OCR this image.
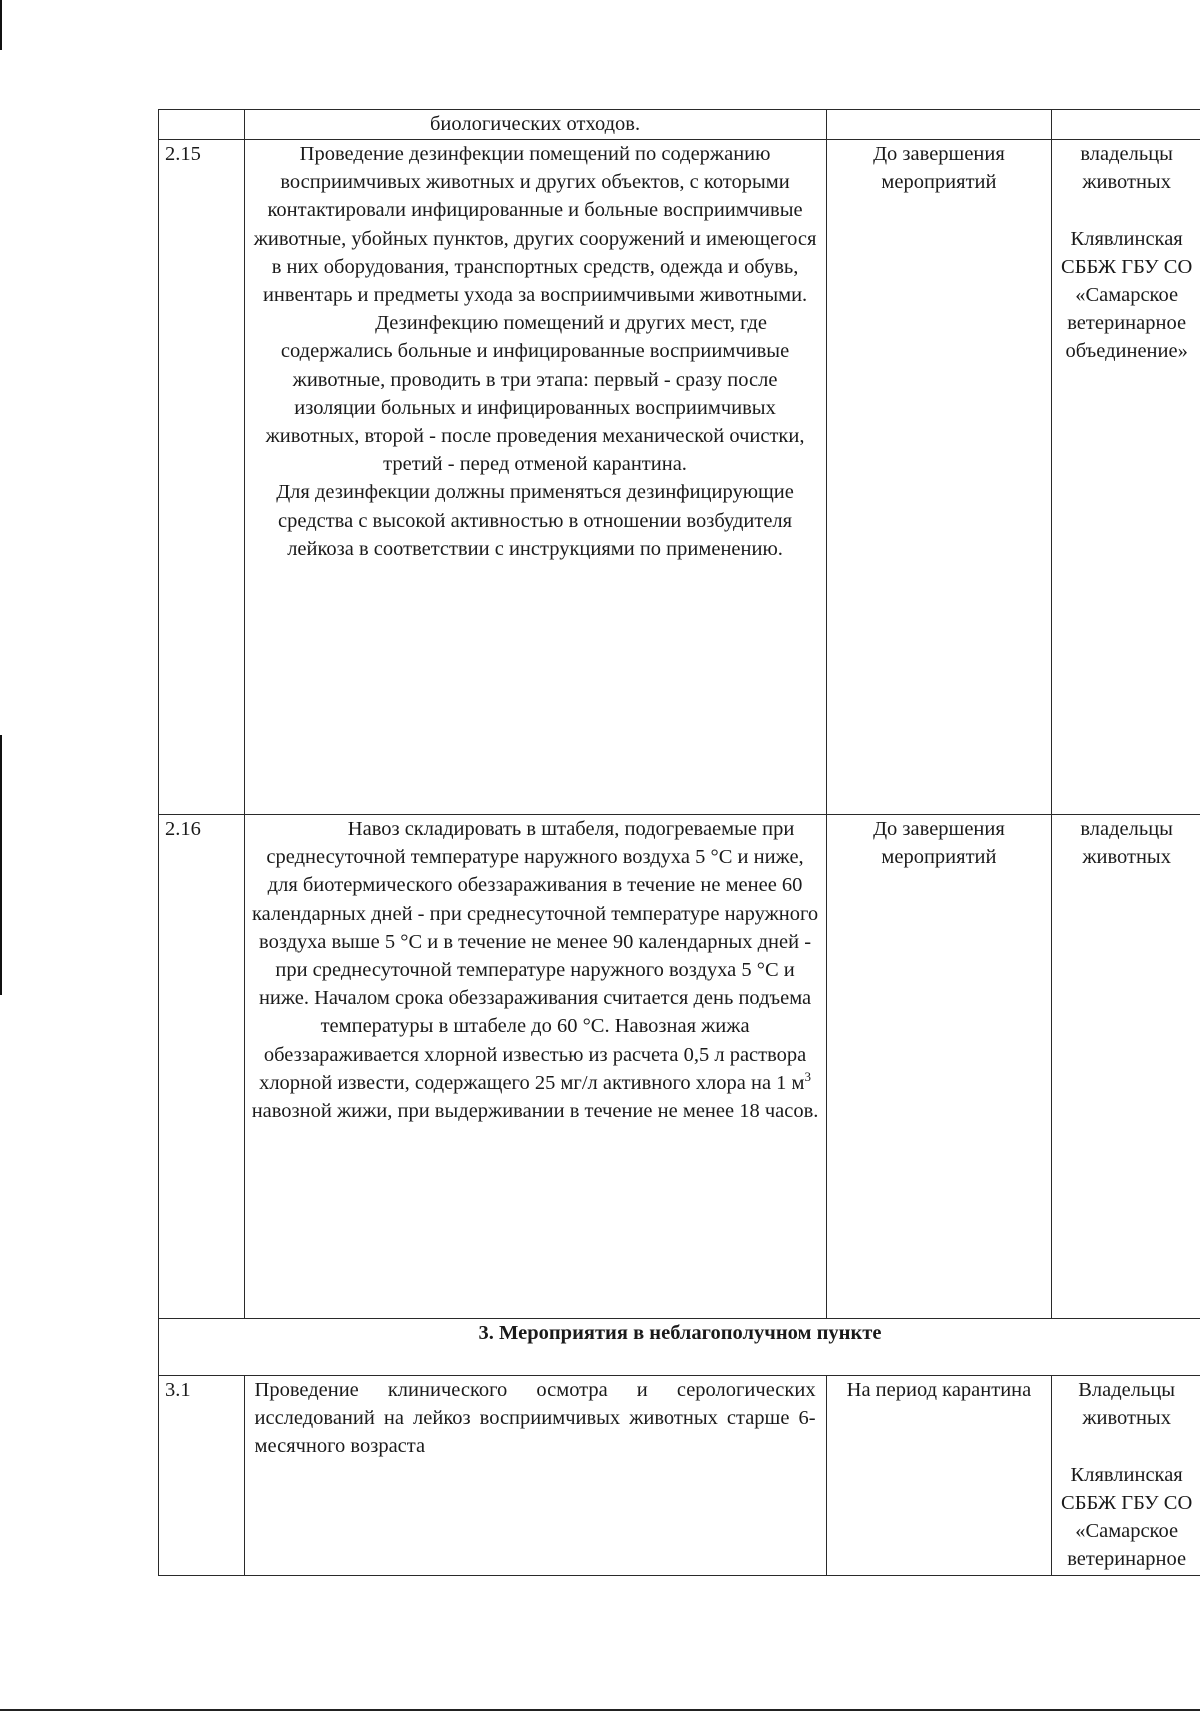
	биологических отходов.		
2.15	Проведение дезинфекции помещений по содержанию восприимчивых животных и других объектов, с которыми контактировали инфицированные и больные восприимчивые животные, убойных пунктов, других сооружений и имеющегося в них оборудования, транспортных средств, одежда и обувь, инвентарь и предметы ухода за восприимчивыми животными.
Дезинфекцию помещений и других мест, где содержались больные и инфицированные восприимчивые животные, проводить в три этапа: первый - сразу после изоляции больных и инфицированных восприимчивых животных, второй - после проведения механической очистки, третий - перед отменой карантина.
Для дезинфекции должны применяться дезинфицирующие средства с высокой активностью в отношении возбудителя лейкоза в соответствии с инструкциями по применению.	До завершения мероприятий	владельцы животных
Клявлинская СББЖ ГБУ СО «Самарское ветеринарное объединение»
2.16	Навоз складировать в штабеля, подогреваемые при среднесуточной температуре наружного воздуха 5 °С и ниже, для биотермического обеззараживания в течение не менее 60 календарных дней - при среднесуточной температуре наружного воздуха выше 5 °С и в течение не менее 90 календарных дней - при среднесуточной температуре наружного воздуха 5 °С и ниже. Началом срока обеззараживания считается день подъема температуры в штабеле до 60 °С. Навозная жижа обеззараживается хлорной известью из расчета 0,5 л раствора хлорной извести, содержащего 25 мг/л активного хлора на 1 $м^3$ навозной жижи, при выдерживании в течение не менее 18 часов.	До завершения мероприятий	владельцы животных
3. Мероприятия в неблагополучном пункте			
3.1	Проведение клинического осмотра и серологических исследований на лейкоз восприимчивых животных старше 6-месячного возраста	На период карантина	Владельцы животных
Клявлинская СББЖ ГБУ СО «Самарское ветеринарное
